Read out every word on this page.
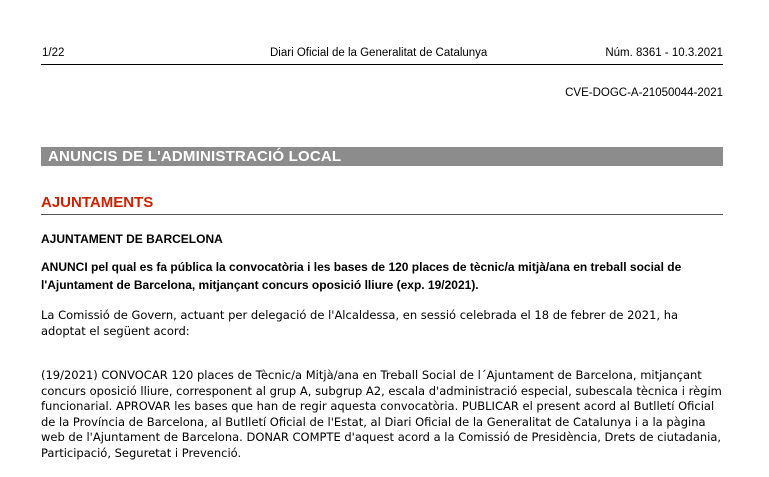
1/22	Diari Oficial de la Generalitat de Catalunya	Núm. 8361 - 10.3.2021
CVE-DOGC-A-21050044-2021
ANUNCIS DE L'ADMINISTRACIÓ LOCAL
AJUNTAMENTS
AJUNTAMENT DE BARCELONA
ANUNCI pel qual es fa pública la convocatòria i les bases de 120 places de tècnic/a mitjà/ana en treball social de l'Ajuntament de Barcelona, mitjançant concurs oposició lliure (exp. 19/2021).
La Comissió de Govern, actuant per delegació de l'Alcaldessa, en sessió celebrada el 18 de febrer de 2021, ha adoptat el següent acord:
(19/2021) CONVOCAR 120 places de Tècnic/a Mitjà/ana en Treball Social de l´Ajuntament de Barcelona, mitjançant concurs oposició lliure, corresponent al grup A, subgrup A2, escala d'administració especial, subescala tècnica i règim funcionarial. APROVAR les bases que han de regir aquesta convocatòria. PUBLICAR el present acord al Butlletí Oficial de la Província de Barcelona, al Butlletí Oficial de l'Estat, al Diari Oficial de la Generalitat de Catalunya i a la pàgina web de l'Ajuntament de Barcelona. DONAR COMPTE d'aquest acord a la Comissió de Presidència, Drets de ciutadania, Participació, Seguretat i Prevenció.
